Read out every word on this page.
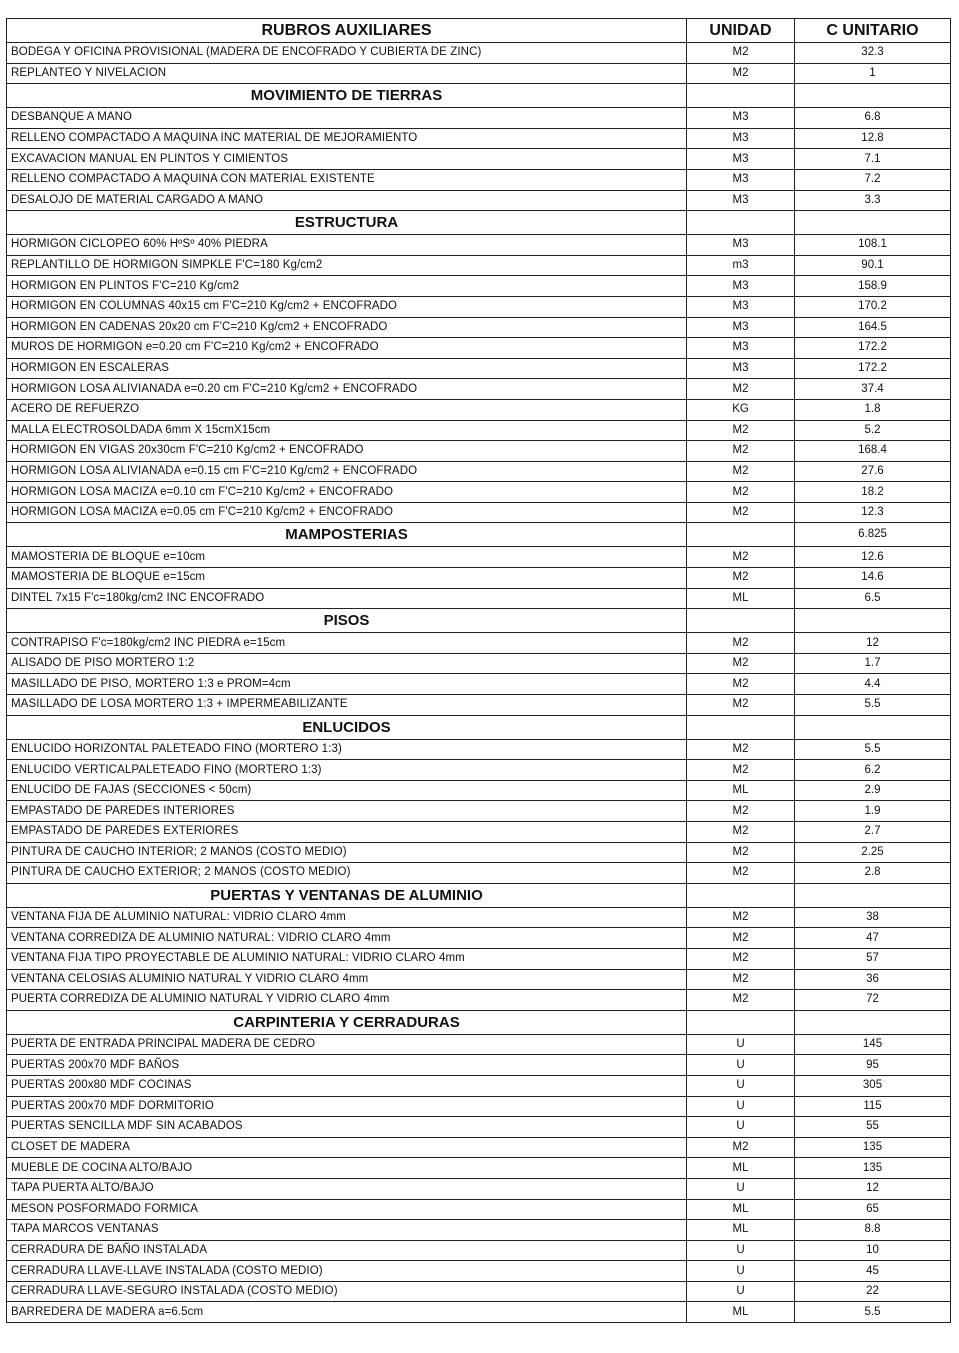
RUBROS AUXILIARES	UNIDAD	C UNITARIO
BODEGA Y OFICINA PROVISIONAL (MADERA DE ENCOFRADO Y CUBIERTA DE ZINC)	M2	32.3
REPLANTEO Y NIVELACION	M2	1
MOVIMIENTO DE TIERRAS		
DESBANQUE A MANO	M3	6.8
RELLENO COMPACTADO A MAQUINA INC MATERIAL DE MEJORAMIENTO	M3	12.8
EXCAVACION MANUAL EN PLINTOS Y CIMIENTOS	M3	7.1
RELLENO COMPACTADO A MAQUINA CON MATERIAL EXISTENTE	M3	7.2
DESALOJO DE MATERIAL CARGADO A MANO	M3	3.3
ESTRUCTURA		
HORMIGON CICLOPEO 60% HºSº 40% PIEDRA	M3	108.1
REPLANTILLO DE HORMIGON SIMPKLE F'C=180 Kg/cm2	m3	90.1
HORMIGON EN PLINTOS F'C=210 Kg/cm2	M3	158.9
HORMIGON EN COLUMNAS 40x15 cm F'C=210 Kg/cm2 + ENCOFRADO	M3	170.2
HORMIGON EN CADENAS 20x20 cm F'C=210 Kg/cm2 + ENCOFRADO	M3	164.5
MUROS DE HORMIGON e=0.20 cm F'C=210 Kg/cm2 + ENCOFRADO	M3	172.2
HORMIGON EN ESCALERAS	M3	172.2
HORMIGON LOSA ALIVIANADA e=0.20 cm F'C=210 Kg/cm2 + ENCOFRADO	M2	37.4
ACERO DE REFUERZO	KG	1.8
MALLA ELECTROSOLDADA 6mm X 15cmX15cm	M2	5.2
HORMIGON EN VIGAS 20x30cm F'C=210 Kg/cm2 + ENCOFRADO	M2	168.4
HORMIGON LOSA ALIVIANADA e=0.15 cm F'C=210 Kg/cm2 + ENCOFRADO	M2	27.6
HORMIGON LOSA MACIZA e=0.10 cm F'C=210 Kg/cm2 + ENCOFRADO	M2	18.2
HORMIGON LOSA MACIZA e=0.05 cm F'C=210 Kg/cm2 + ENCOFRADO	M2	12.3
MAMPOSTERIAS		6.825
MAMOSTERIA DE BLOQUE e=10cm	M2	12.6
MAMOSTERIA DE BLOQUE e=15cm	M2	14.6
DINTEL 7x15 F'c=180kg/cm2 INC ENCOFRADO	ML	6.5
PISOS		
CONTRAPISO F'c=180kg/cm2 INC PIEDRA e=15cm	M2	12
ALISADO DE PISO MORTERO 1:2	M2	1.7
MASILLADO DE PISO, MORTERO 1:3 e PROM=4cm	M2	4.4
MASILLADO DE LOSA MORTERO 1:3 + IMPERMEABILIZANTE	M2	5.5
ENLUCIDOS		
ENLUCIDO HORIZONTAL PALETEADO FINO (MORTERO 1:3)	M2	5.5
ENLUCIDO VERTICALPALETEADO FINO (MORTERO 1:3)	M2	6.2
ENLUCIDO DE FAJAS (SECCIONES < 50cm)	ML	2.9
EMPASTADO DE PAREDES INTERIORES	M2	1.9
EMPASTADO DE PAREDES EXTERIORES	M2	2.7
PINTURA DE CAUCHO INTERIOR; 2 MANOS (COSTO MEDIO)	M2	2.25
PINTURA DE CAUCHO EXTERIOR; 2 MANOS (COSTO MEDIO)	M2	2.8
PUERTAS Y VENTANAS DE ALUMINIO		
VENTANA FIJA DE ALUMINIO NATURAL: VIDRIO CLARO 4mm	M2	38
VENTANA CORREDIZA DE ALUMINIO NATURAL: VIDRIO CLARO 4mm	M2	47
VENTANA FIJA TIPO PROYECTABLE DE ALUMINIO NATURAL: VIDRIO CLARO 4mm	M2	57
VENTANA CELOSIAS ALUMINIO NATURAL Y VIDRIO CLARO 4mm	M2	36
PUERTA CORREDIZA DE ALUMINIO NATURAL Y VIDRIO CLARO 4mm	M2	72
CARPINTERIA Y CERRADURAS		
PUERTA DE ENTRADA PRINCIPAL MADERA DE CEDRO	U	145
PUERTAS 200x70 MDF BAÑOS	U	95
PUERTAS 200x80 MDF COCINAS	U	305
PUERTAS 200x70 MDF DORMITORIO	U	115
PUERTAS SENCILLA MDF SIN ACABADOS	U	55
CLOSET DE MADERA	M2	135
MUEBLE DE COCINA ALTO/BAJO	ML	135
TAPA PUERTA ALTO/BAJO	U	12
MESON POSFORMADO FORMICA	ML	65
TAPA MARCOS VENTANAS	ML	8.8
CERRADURA DE BAÑO INSTALADA	U	10
CERRADURA LLAVE-LLAVE INSTALADA (COSTO MEDIO)	U	45
CERRADURA LLAVE-SEGURO INSTALADA (COSTO MEDIO)	U	22
BARREDERA DE MADERA a=6.5cm	ML	5.5
